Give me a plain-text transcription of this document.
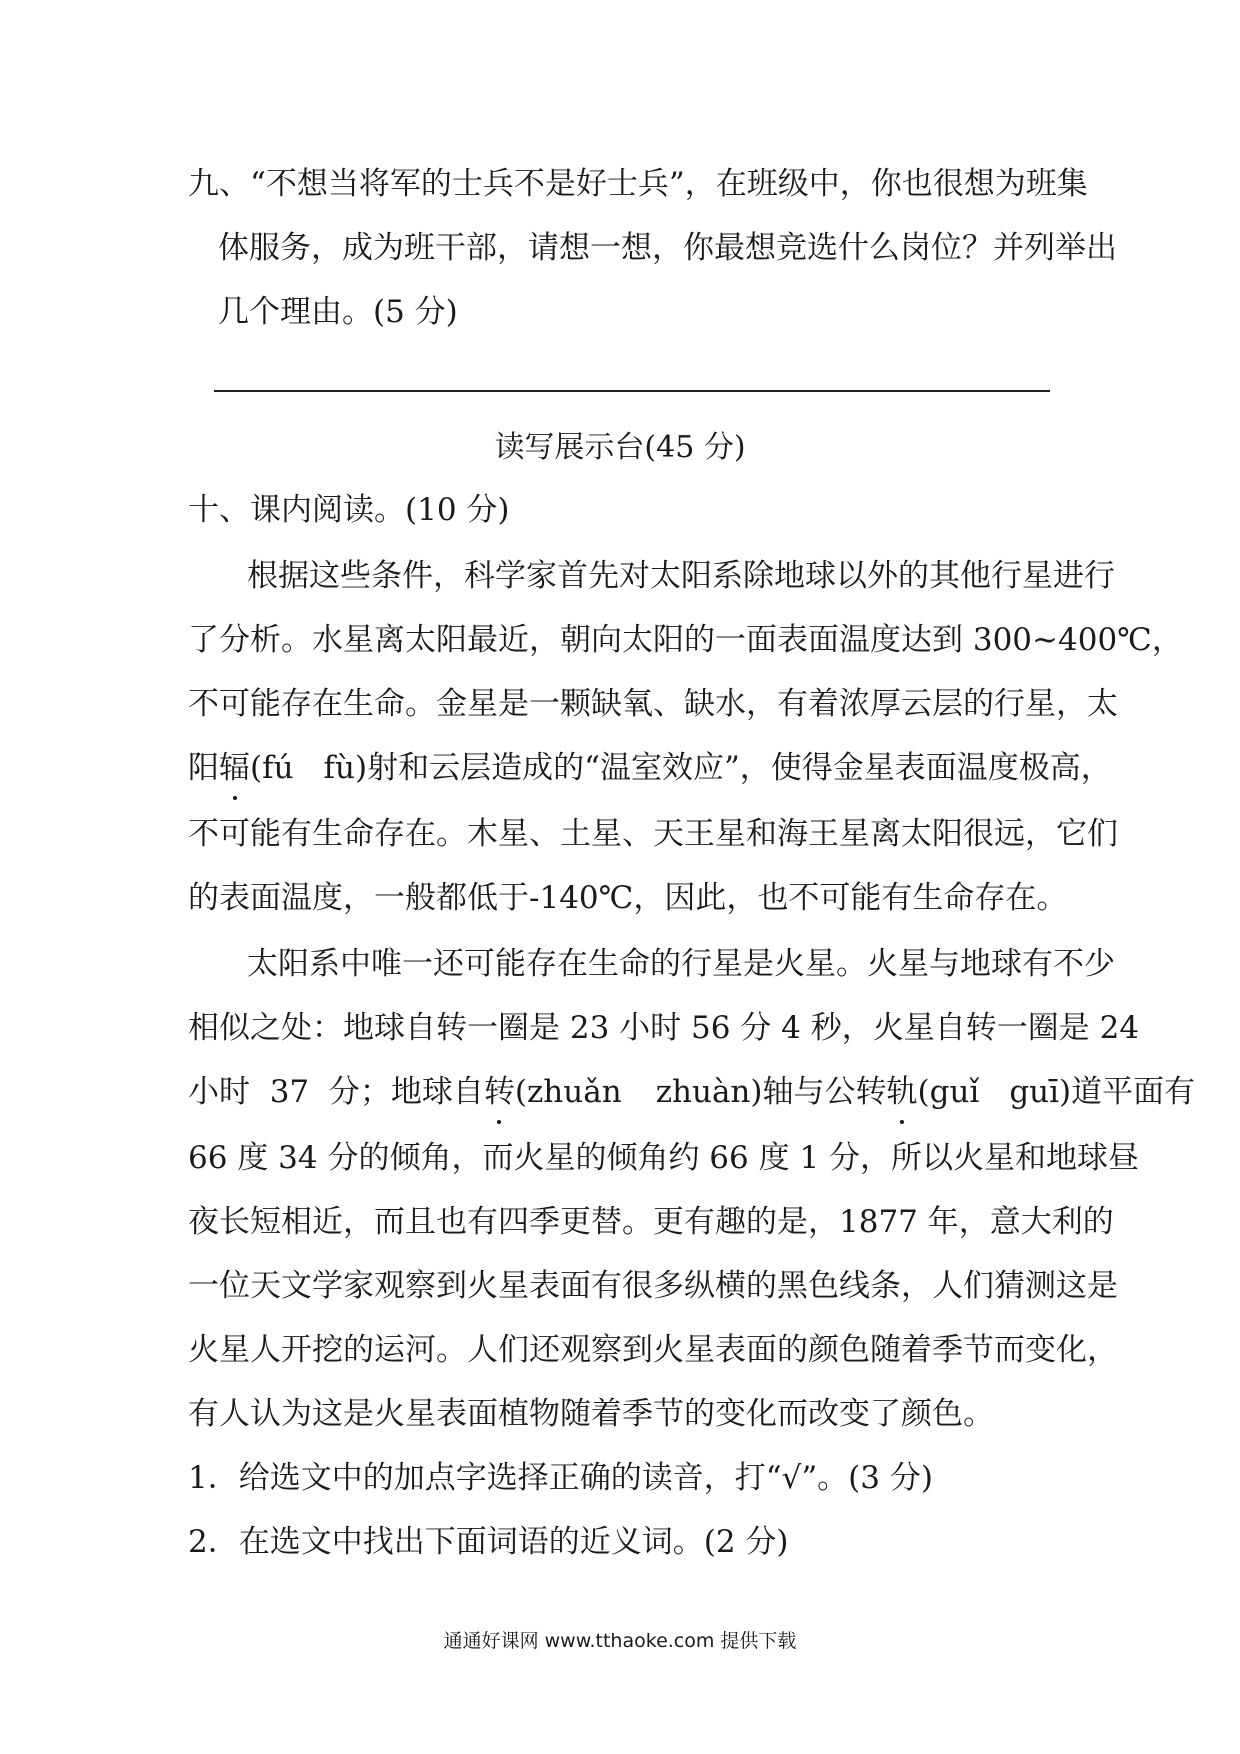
九、“不想当将军的士兵不是好士兵”，在班级中，你也很想为班集
体服务，成为班干部，请想一想，你最想竞选什么岗位？并列举出
几个理由。(5 分)
读写展示台(45 分)
十、课内阅读。(10 分)
根据这些条件，科学家首先对太阳系除地球以外的其他行星进行
了分析。水星离太阳最近，朝向太阳的一面表面温度达到 300~400℃，
不可能存在生命。金星是一颗缺氧、缺水，有着浓厚云层的行星，太
阳辐(fú fù)射和云层造成的“温室效应”，使得金星表面温度极高，
不可能有生命存在。木星、土星、天王星和海王星离太阳很远，它们
的表面温度，一般都低于-140℃，因此，也不可能有生命存在。
太阳系中唯一还可能存在生命的行星是火星。火星与地球有不少
相似之处：地球自转一圈是 23 小时 56 分 4 秒，火星自转一圈是 24
小时  37  分；地球自转(zhuǎn zhuàn)轴与公转轨(guǐ guī)道平面有
66 度 34 分的倾角，而火星的倾角约 66 度 1 分，所以火星和地球昼
夜长短相近，而且也有四季更替。更有趣的是，1877 年，意大利的
一位天文学家观察到火星表面有很多纵横的黑色线条，人们猜测这是
火星人开挖的运河。人们还观察到火星表面的颜色随着季节而变化，
有人认为这是火星表面植物随着季节的变化而改变了颜色。
1．给选文中的加点字选择正确的读音，打“√”。(3 分)
2．在选文中找出下面词语的近义词。(2 分)
通通好课网 www.tthaoke.com 提供下载
